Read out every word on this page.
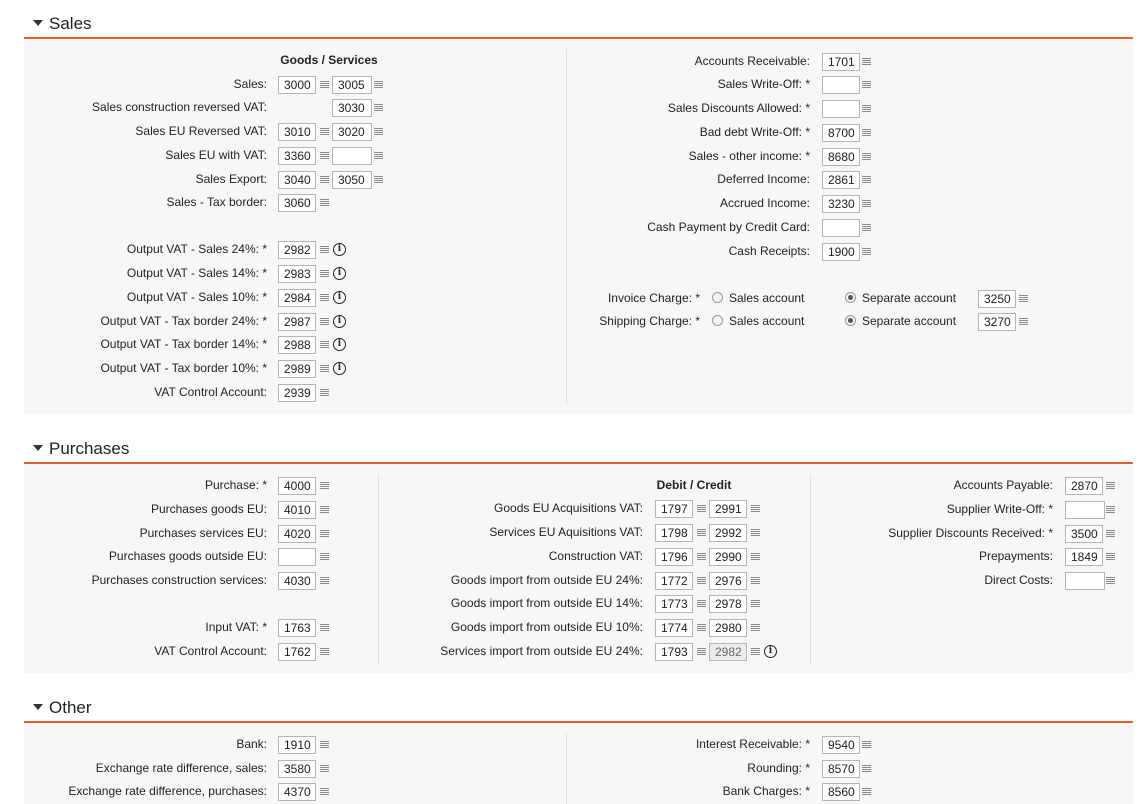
Sales
Goods / Services
Sales:	3000	3005
Sales construction reversed VAT:	3030
Sales EU Reversed VAT:	3010	3020
Sales EU with VAT:	3360
Sales Export:	3040	3050
Sales - Tax border:	3060
Output VAT - Sales 24%: *	2982	i
Output VAT - Sales 14%: *	2983	i
Output VAT - Sales 10%: *	2984	i
Output VAT - Tax border 24%: *	2987	i
Output VAT - Tax border 14%: *	2988	i
Output VAT - Tax border 10%: *	2989	i
VAT Control Account:	2939
Accounts Receivable:	1701
Sales Write-Off: *
Sales Discounts Allowed: *
Bad debt Write-Off: *	8700
Sales - other income: *	8680
Deferred Income:	2861
Accrued Income:	3230
Cash Payment by Credit Card:
Cash Receipts:	1900
Invoice Charge: * Sales account	Separate account	3250
Shipping Charge: * Sales account	Separate account	3270
Purchases
Purchase: *	4000
Purchases goods EU:	4010
Purchases services EU:	4020
Purchases goods outside EU:
Purchases construction services:	4030
Input VAT: *	1763
VAT Control Account:	1762
Debit / Credit
Goods EU Acquisitions VAT:	1797	2991
Services EU Aquisitions VAT:	1798	2992
Construction VAT:	1796	2990
Goods import from outside EU 24%:	1772	2976
Goods import from outside EU 14%:	1773	2978
Goods import from outside EU 10%:	1774	2980
Services import from outside EU 24%:	1793	2982	i
Accounts Payable:	2870
Supplier Write-Off: *
Supplier Discounts Received: *	3500
Prepayments:	1849
Direct Costs:
Other
Bank:	1910
Exchange rate difference, sales:	3580
Exchange rate difference, purchases:	4370
Interest Receivable: *	9540
Rounding: *	8570
Bank Charges: *	8560
